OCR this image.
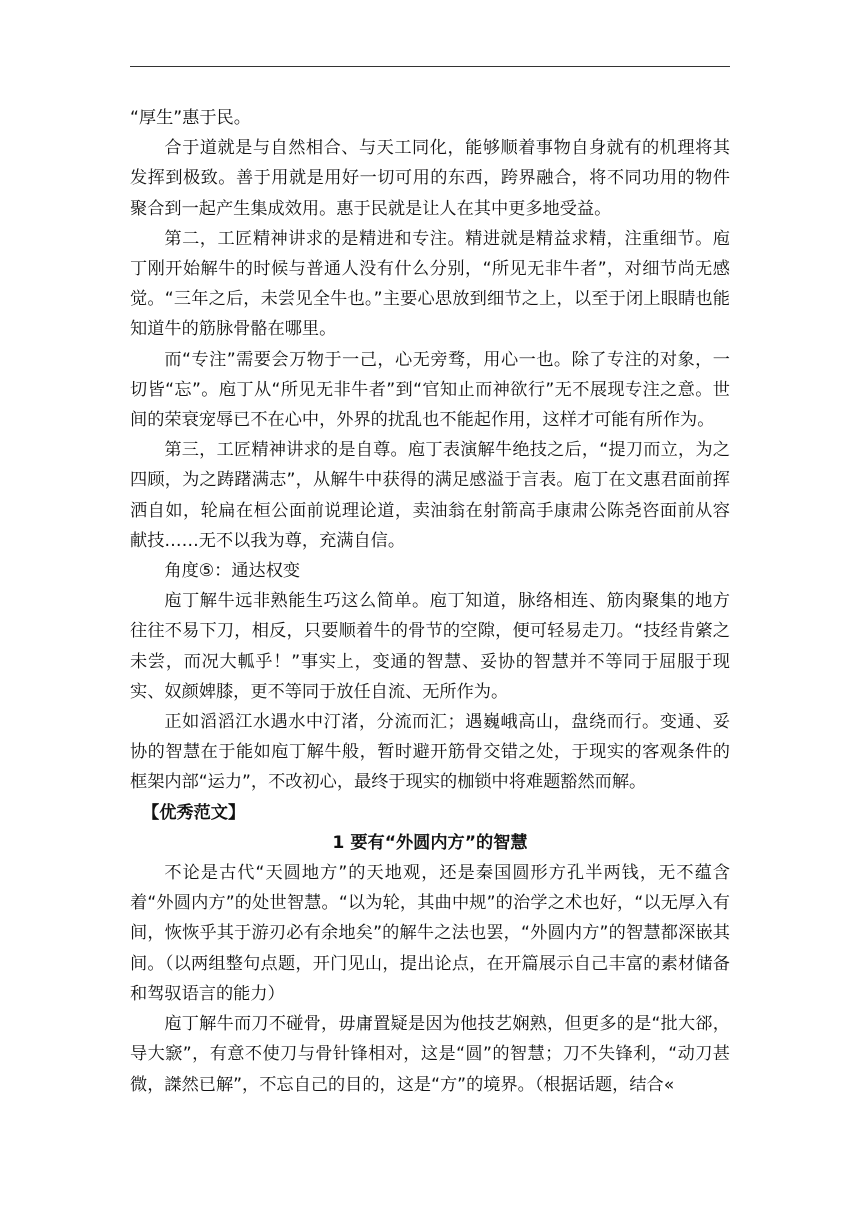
“厚生”惠于民。

合于道就是与自然相合、与天工同化，能够顺着事物自身就有的机理将其发挥到极致。善于用就是用好一切可用的东西，跨界融合，将不同功用的物件聚合到一起产生集成效用。惠于民就是让人在其中更多地受益。

第二，工匠精神讲求的是精进和专注。精进就是精益求精，注重细节。庖丁刚开始解牛的时候与普通人没有什么分别，“所见无非牛者”，对细节尚无感觉。“三年之后，未尝见全牛也。”主要心思放到细节之上，以至于闭上眼睛也能知道牛的筋脉骨骼在哪里。

而“专注”需要会万物于一己，心无旁骛，用心一也。除了专注的对象，一切皆“忘”。庖丁从“所见无非牛者”到“官知止而神欲行”无不展现专注之意。世间的荣衰宠辱已不在心中，外界的扰乱也不能起作用，这样才可能有所作为。

第三，工匠精神讲求的是自尊。庖丁表演解牛绝技之后，“提刀而立，为之四顾，为之踌躇满志”，从解牛中获得的满足感溢于言表。庖丁在文惠君面前挥洒自如，轮扁在桓公面前说理论道，卖油翁在射箭高手康肃公陈尧咨面前从容献技……无不以我为尊，充满自信。

角度⑤：通达权变

庖丁解牛远非熟能生巧这么简单。庖丁知道，脉络相连、筋肉聚集的地方往往不易下刀，相反，只要顺着牛的骨节的空隙，便可轻易走刀。“技经肯綮之未尝，而况大軱乎！”事实上，变通的智慧、妥协的智慧并不等同于屈服于现实、奴颜婢膝，更不等同于放任自流、无所作为。

正如滔滔江水遇水中汀渚，分流而汇；遇巍峨高山，盘绕而行。变通、妥协的智慧在于能如庖丁解牛般，暂时避开筋骨交错之处，于现实的客观条件的框架内部“运力”，不改初心，最终于现实的枷锁中将难题豁然而解。

【优秀范文】

1 要有“外圆内方”的智慧

不论是古代“天圆地方”的天地观，还是秦国圆形方孔半两钱，无不蕴含着“外圆内方”的处世智慧。“以为轮，其曲中规”的治学之术也好，“以无厚入有间，恢恢乎其于游刃必有余地矣”的解牛之法也罢，“外圆内方”的智慧都深嵌其间。（以两组整句点题，开门见山，提出论点，在开篇展示自己丰富的素材储备和驾驭语言的能力）

庖丁解牛而刀不碰骨，毋庸置疑是因为他技艺娴熟，但更多的是“批大郤，导大窾”，有意不使刀与骨针锋相对，这是“圆”的智慧；刀不失锋利，“动刀甚微，謋然已解”，不忘自己的目的，这是“方”的境界。（根据话题，结合«
